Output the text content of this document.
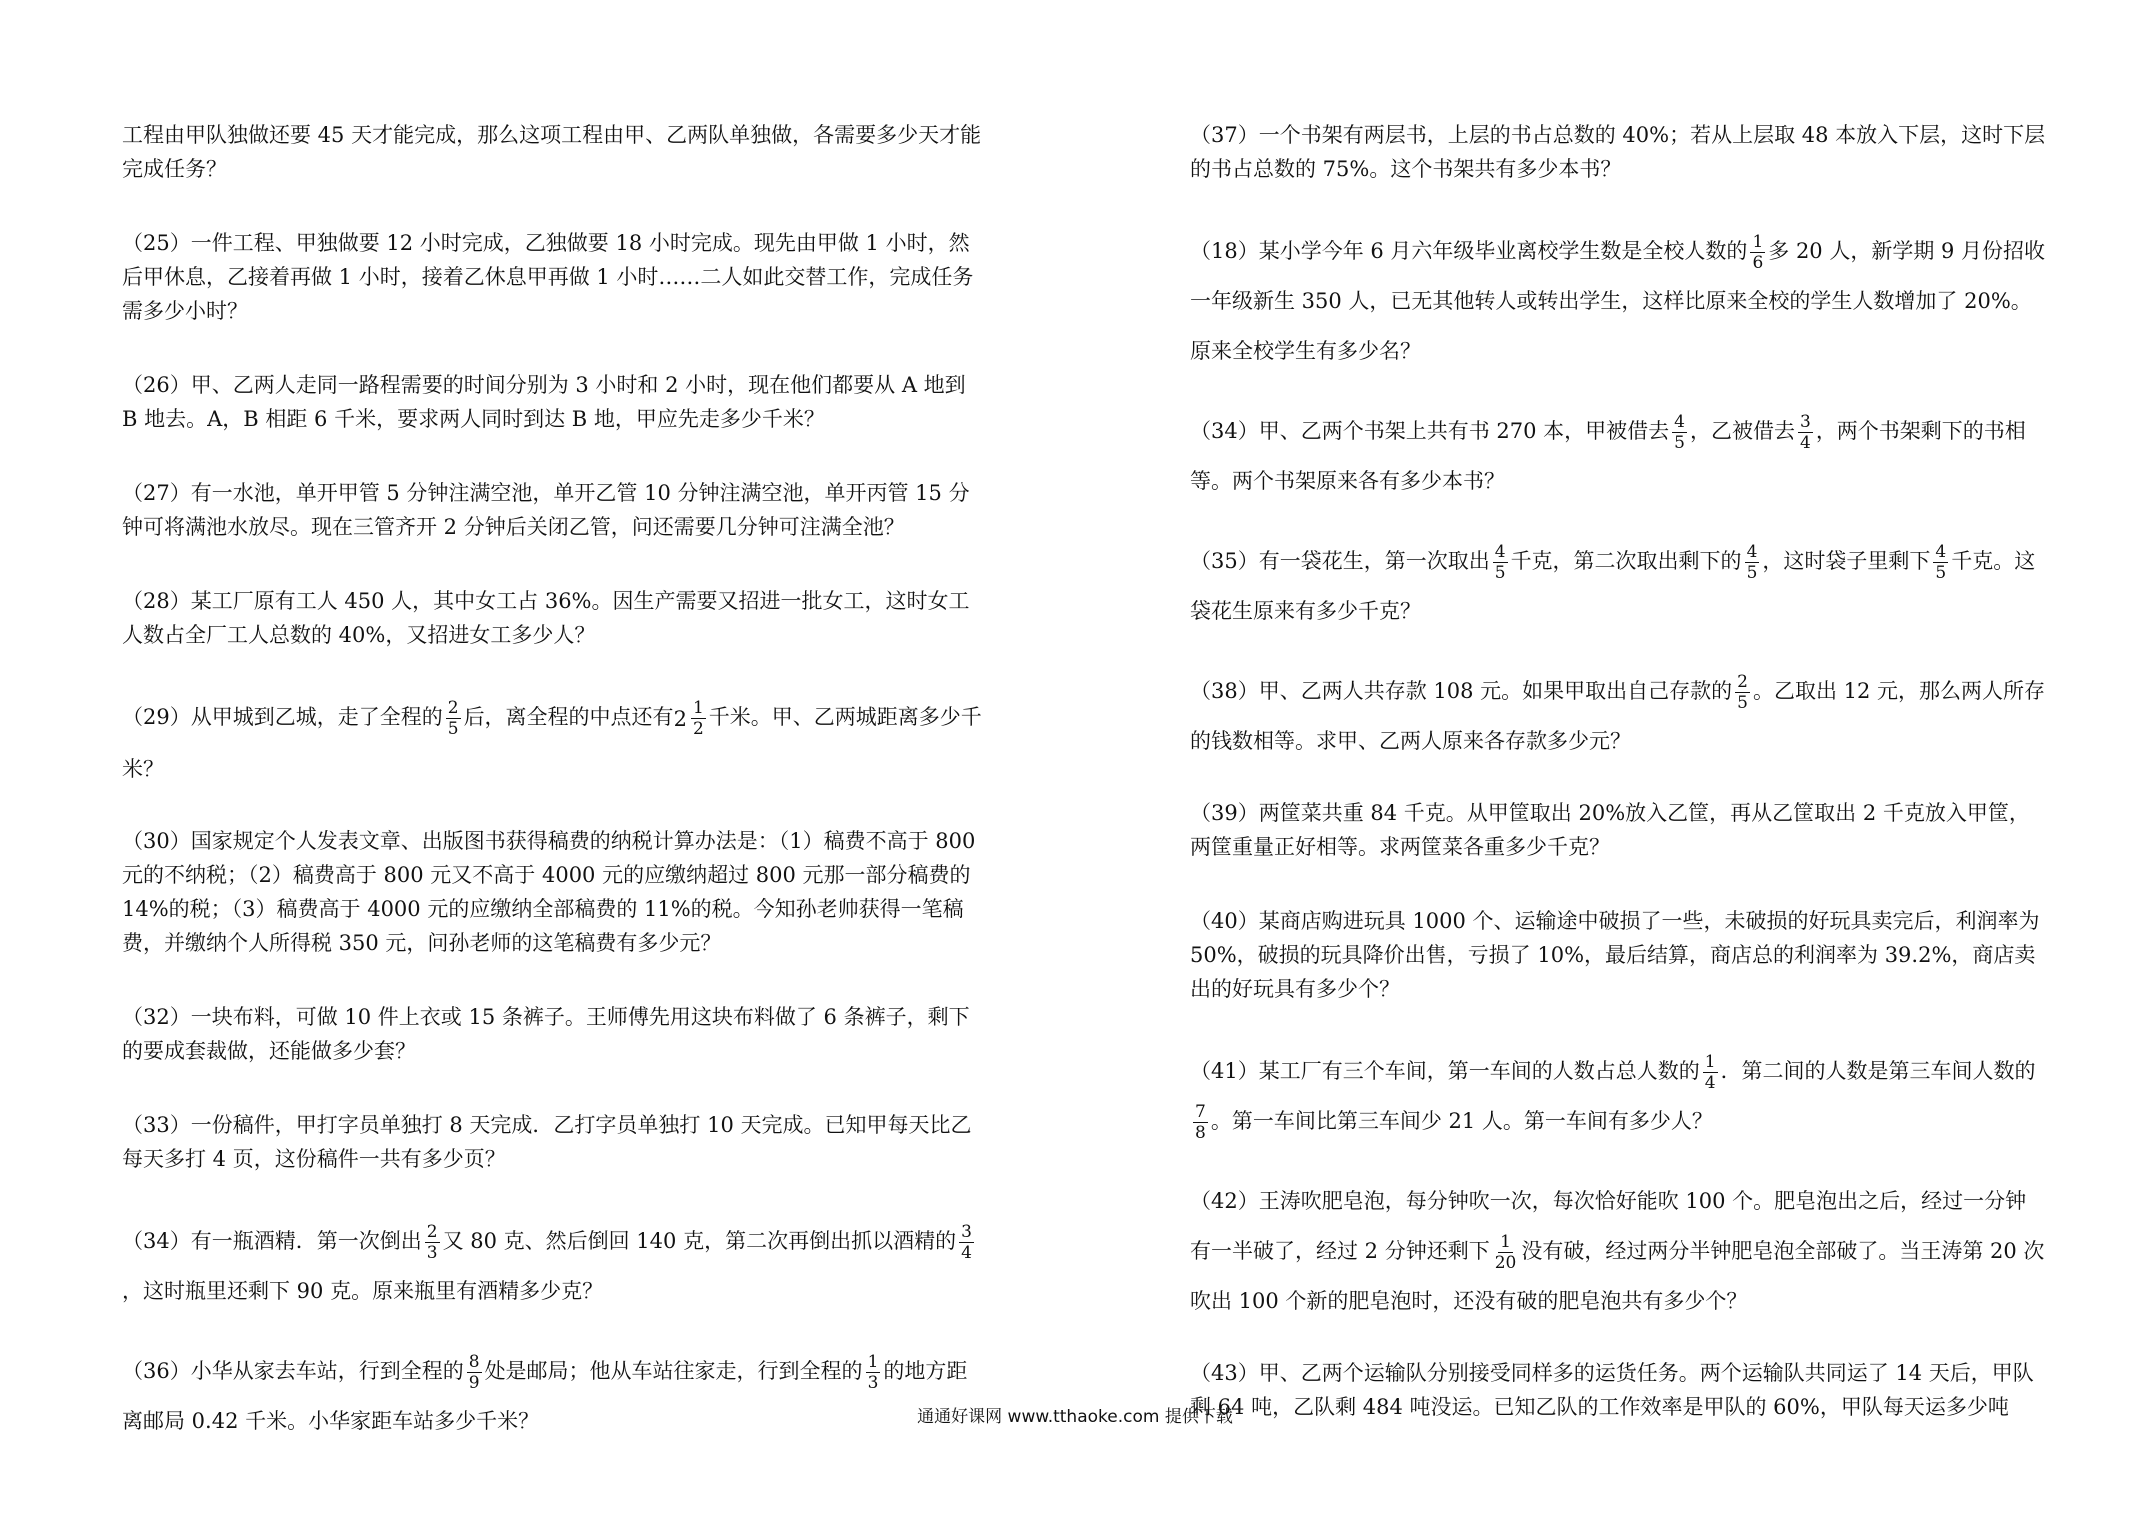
工程由甲队独做还要 45 天才能完成，那么这项工程由甲、乙两队单独做，各需要多少天才能完成任务？
（25）一件工程、甲独做要 12 小时完成，乙独做要 18 小时完成。现先由甲做 1 小时，然后甲休息，乙接着再做 1 小时，接着乙休息甲再做 1 小时……二人如此交替工作，完成任务需多少小时？
（26）甲、乙两人走同一路程需要的时间分别为 3 小时和 2 小时，现在他们都要从 A 地到 B 地去。A，B 相距 6 千米，要求两人同时到达 B 地，甲应先走多少千米？
（27）有一水池，单开甲管 5 分钟注满空池，单开乙管 10 分钟注满空池，单开丙管 15 分钟可将满池水放尽。现在三管齐开 2 分钟后关闭乙管，问还需要几分钟可注满全池？
（28）某工厂原有工人 450 人，其中女工占 36%。因生产需要又招进一批女工，这时女工人数占全厂工人总数的 40%，又招进女工多少人？
（29）从甲城到乙城，走了全程的 $\frac{2}{5}$ 后，离全程的中点还有 $2 \frac{1}{2}$ 千米。甲、乙两城距离多少千米？
（30）国家规定个人发表文章、出版图书获得稿费的纳税计算办法是：（1）稿费不高于 800 元的不纳税；（2）稿费高于 800 元又不高于 4000 元的应缴纳超过 800 元那一部分稿费的 14%的税；（3）稿费高于 4000 元的应缴纳全部稿费的 11%的税。今知孙老帅获得一笔稿费，并缴纳个人所得税 350 元，问孙老师的这笔稿费有多少元？
（32）一块布料，可做 10 件上衣或 15 条裤子。王师傅先用这块布料做了 6 条裤子，剩下的要成套裁做，还能做多少套？
（33）一份稿件，甲打字员单独打 8 天完成．乙打字员单独打 10 天完成。已知甲每天比乙每天多打 4 页，这份稿件一共有多少页？
（34）有一瓶酒精．第一次倒出 $\frac{2}{3}$ 又 80 克、然后倒回 140 克，第二次再倒出抓以酒精的 $\frac{3}{4}$
，这时瓶里还剩下 90 克。原来瓶里有酒精多少克？
（36）小华从家去车站，行到全程的 $\frac{8}{9}$ 处是邮局；他从车站往家走，行到全程的 $\frac{1}{3}$ 的地方距离邮局 0.42 千米。小华家距车站多少千米？
（37）一个书架有两层书，上层的书占总数的 40%；若从上层取 48 本放入下层，这时下层的书占总数的 75%。这个书架共有多少本书？
（18）某小学今年 6 月六年级毕业离校学生数是全校人数的 $\frac{1}{6}$ 多 20 人，新学期 9 月份招收一年级新生 350 人，已无其他转人或转出学生，这样比原来全校的学生人数增加了 20%。原来全校学生有多少名？
（34）甲、乙两个书架上共有书 270 本，甲被借去 $\frac{4}{5}$ ，乙被借去 $\frac{3}{4}$ ，两个书架剩下的书相等。两个书架原来各有多少本书？
（35）有一袋花生，第一次取出 $\frac{4}{5}$ 千克，第二次取出剩下的 $\frac{4}{5}$ ，这时袋子里剩下 $\frac{4}{5}$ 千克。这袋花生原来有多少千克？
（38）甲、乙两人共存款 108 元。如果甲取出自己存款的 $\frac{2}{5}$ 。乙取出 12 元，那么两人所存的钱数相等。求甲、乙两人原来各存款多少元？
（39）两筐菜共重 84 千克。从甲筐取出 20%放入乙筐，再从乙筐取出 2 千克放入甲筐，两筐重量正好相等。求两筐菜各重多少千克？
（40）某商店购进玩具 1000 个、运输途中破损了一些，未破损的好玩具卖完后，利润率为 50%，破损的玩具降价出售，亏损了 10%，最后结算，商店总的利润率为 39.2%，商店卖出的好玩具有多少个？
（41）某工厂有三个车间，第一车间的人数占总人数的 $\frac{1}{4}$ ．第二间的人数是第三车间人数的
$\frac{7}{8}$ 。第一车间比第三车间少 21 人。第一车间有多少人？
（42）王涛吹肥皂泡，每分钟吹一次，每次恰好能吹 100 个。肥皂泡出之后，经过一分钟有一半破了，经过 2 分钟还剩下 $\frac{1}{20}$ 没有破，经过两分半钟肥皂泡全部破了。当王涛第 20 次吹出 100 个新的肥皂泡时，还没有破的肥皂泡共有多少个？
（43）甲、乙两个运输队分别接受同样多的运货任务。两个运输队共同运了 14 天后，甲队剩 64 吨，乙队剩 484 吨没运。已知乙队的工作效率是甲队的 60%，甲队每天运多少吨
通通好课网 www.tthaoke.com 提供下载
